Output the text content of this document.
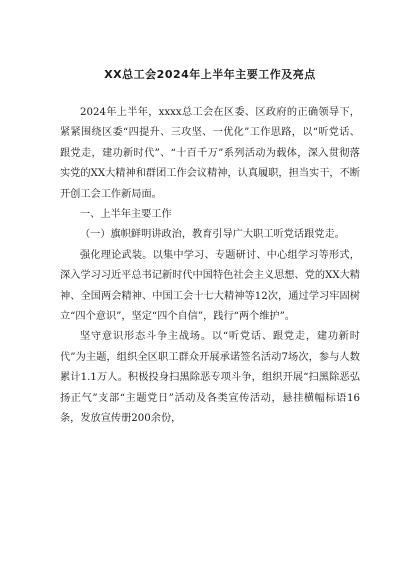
XX总工会2024年上半年主要工作及亮点

2024年上半年，xxxx总工会在区委、区政府的正确领导下，紧紧围绕区委“四提升、三攻坚、一优化”工作思路，以“听党话、跟党走，建功新时代”、“十百千万”系列活动为载体，深入贯彻落实党的XX大精神和群团工作会议精神，认真履职，担当实干，不断开创工会工作新局面。

一、上半年主要工作

（一）旗帜鲜明讲政治，教育引导广大职工听党话跟党走。

强化理论武装。以集中学习、专题研讨、中心组学习等形式，深入学习习近平总书记新时代中国特色社会主义思想、党的XX大精神、全国两会精神、中国工会十七大精神等12次，通过学习牢固树立“四个意识”，坚定“四个自信”，践行“两个维护”。

坚守意识形态斗争主战场。以“听党话、跟党走，建功新时代”为主题，组织全区职工群众开展承诺签名活动7场次，参与人数累计1.1万人。积极投身扫黑除恶专项斗争，组织开展“扫黑除恶弘扬正气”支部“主题党日”活动及各类宣传活动，悬挂横幅标语16条，发放宣传册200余份，
